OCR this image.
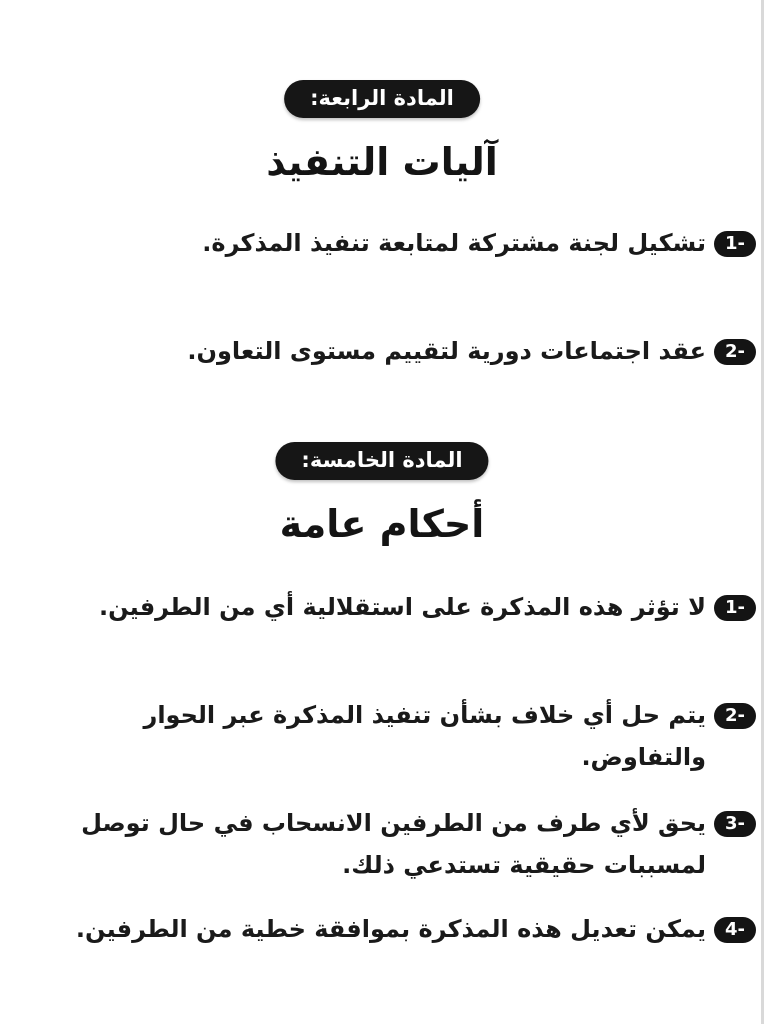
المادة الرابعة:
آليات التنفيذ
1-
تشكيل لجنة مشتركة لمتابعة تنفيذ المذكرة.
2-
عقد اجتماعات دورية لتقييم مستوى التعاون.
المادة الخامسة:
أحكام عامة
1-
لا تؤثر هذه المذكرة على استقلالية أي من الطرفين.
2-
يتم حل أي خلاف بشأن تنفيذ المذكرة عبر الحوار والتفاوض.
3-
يحق لأي طرف من الطرفين الانسحاب في حال توصل لمسببات حقيقية تستدعي ذلك.
4-
يمكن تعديل هذه المذكرة بموافقة خطية من الطرفين.
